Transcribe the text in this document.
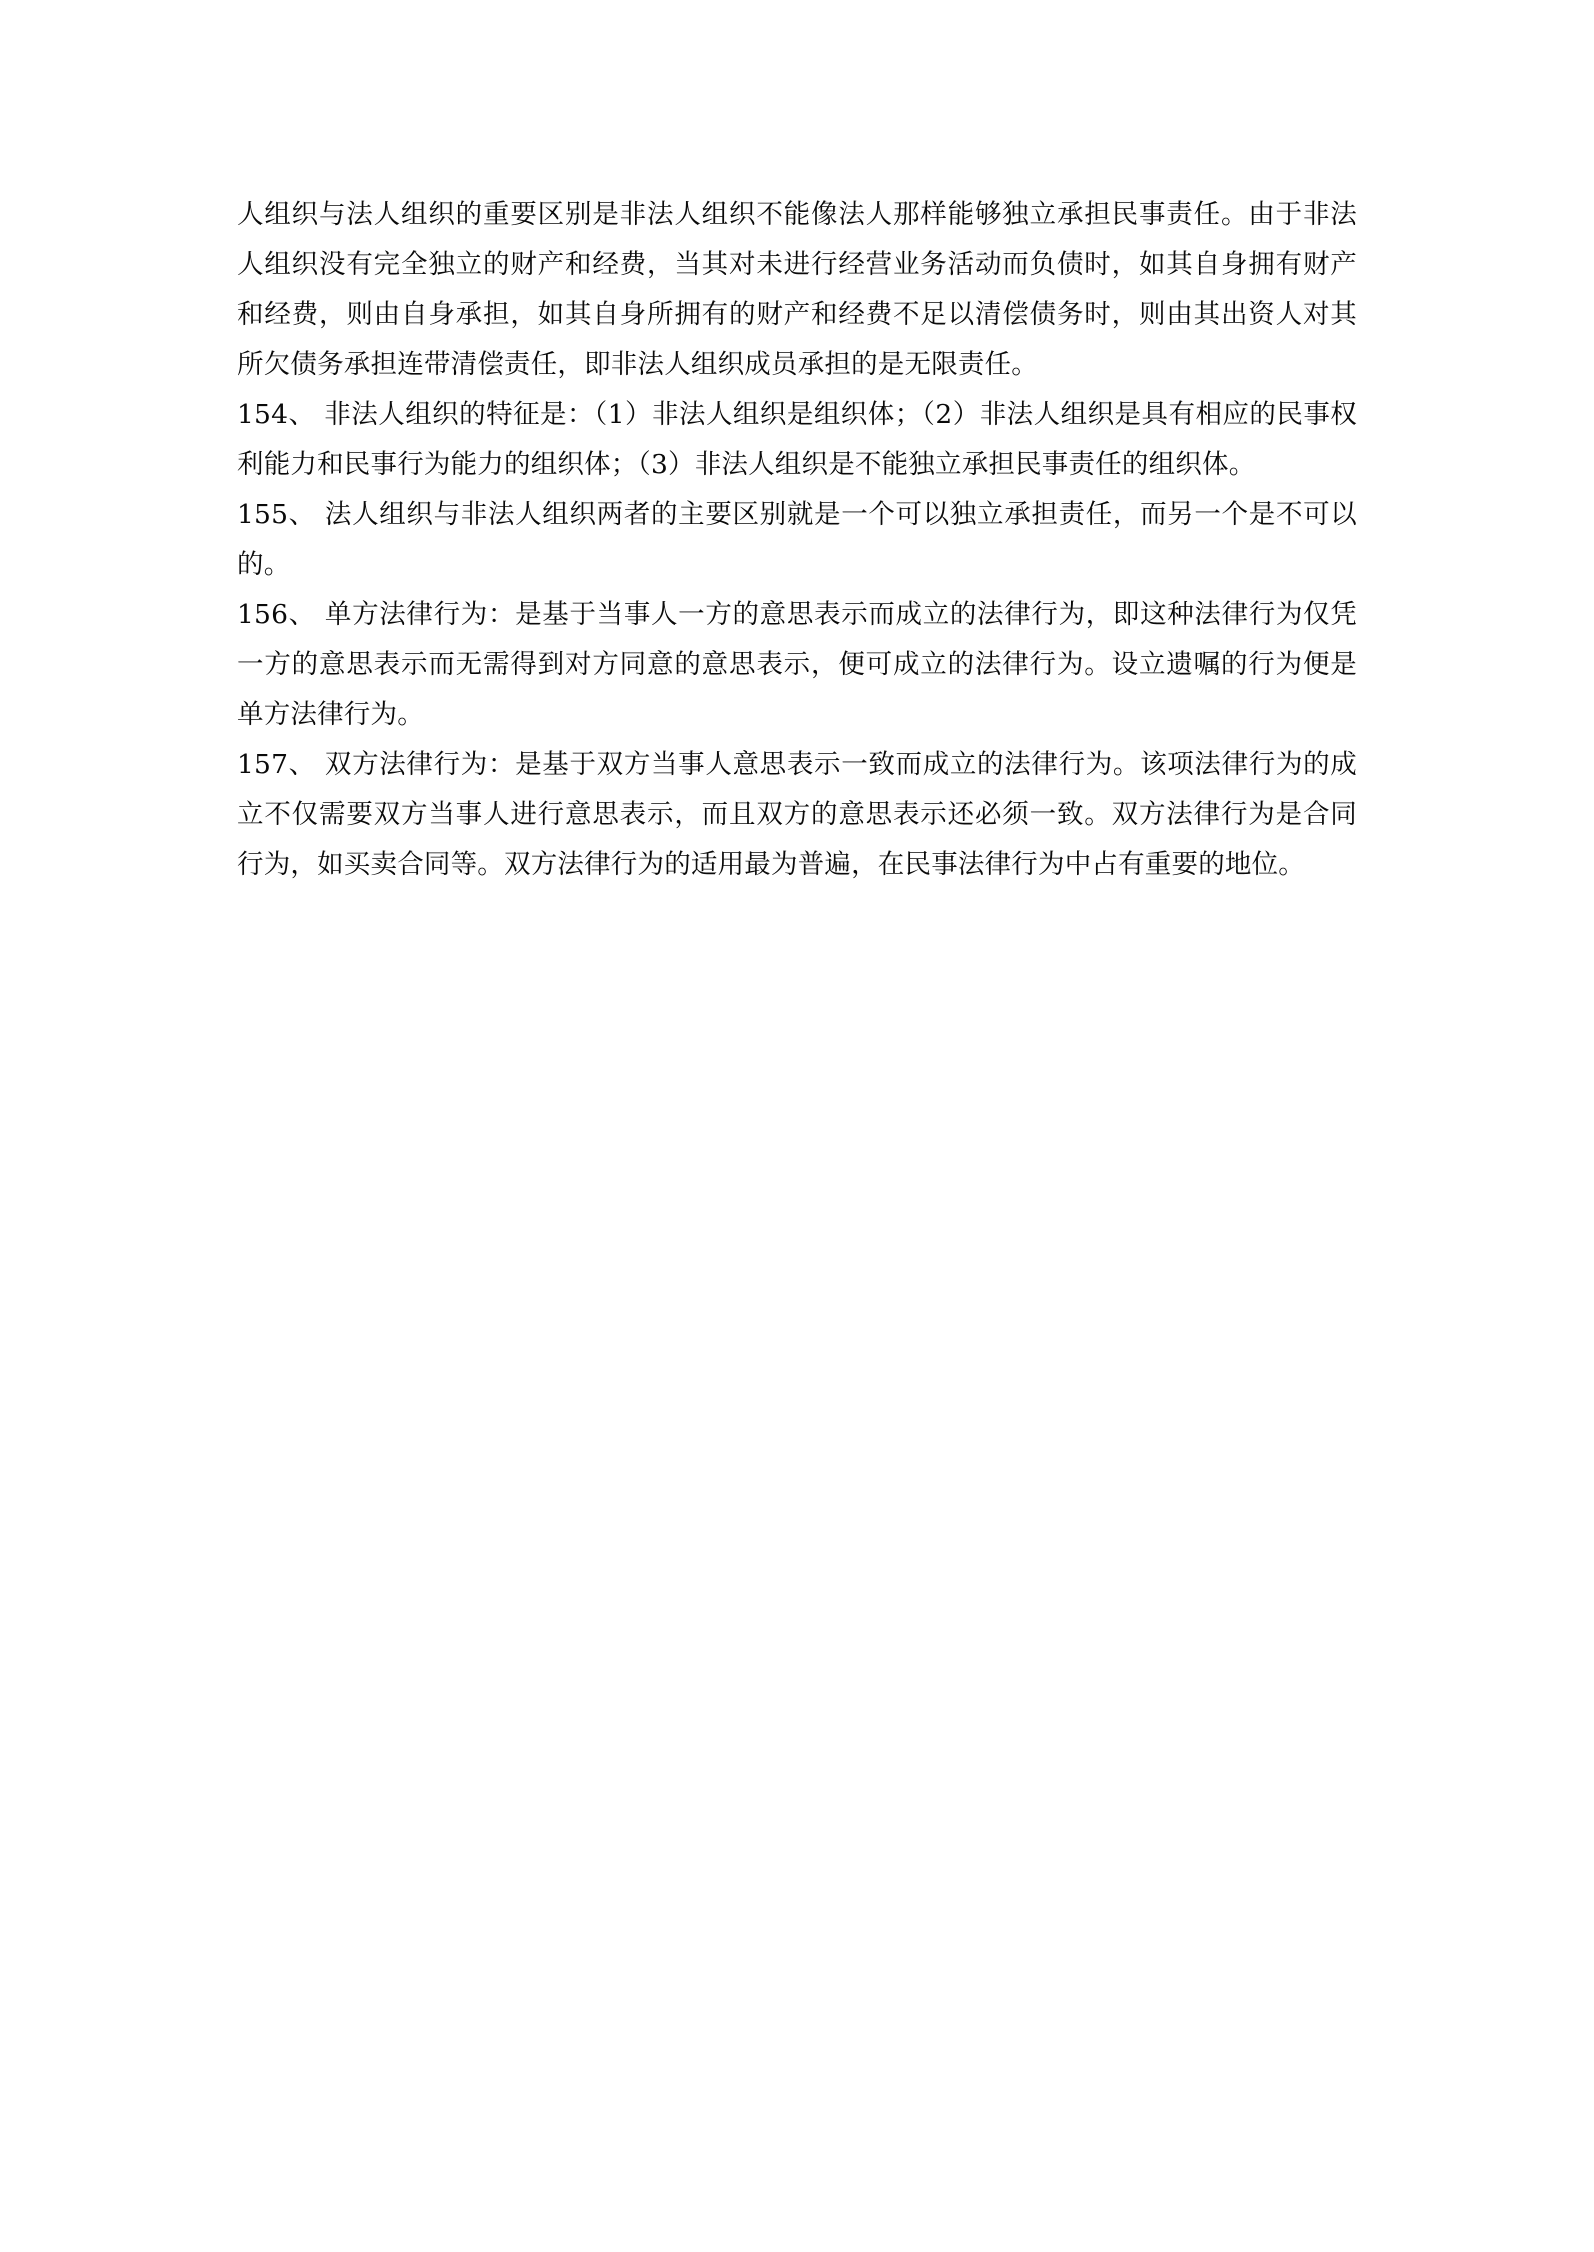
人组织与法人组织的重要区别是非法人组织不能像法人那样能够独立承担民事责任。由于非法人组织没有完全独立的财产和经费，当其对未进行经营业务活动而负债时，如其自身拥有财产和经费，则由自身承担，如其自身所拥有的财产和经费不足以清偿债务时，则由其出资人对其所欠债务承担连带清偿责任，即非法人组织成员承担的是无限责任。

154、 非法人组织的特征是：（1）非法人组织是组织体；（2）非法人组织是具有相应的民事权利能力和民事行为能力的组织体；（3）非法人组织是不能独立承担民事责任的组织体。

155、 法人组织与非法人组织两者的主要区别就是一个可以独立承担责任，而另一个是不可以的。

156、 单方法律行为：是基于当事人一方的意思表示而成立的法律行为，即这种法律行为仅凭一方的意思表示而无需得到对方同意的意思表示，便可成立的法律行为。设立遗嘱的行为便是单方法律行为。

157、 双方法律行为：是基于双方当事人意思表示一致而成立的法律行为。该项法律行为的成立不仅需要双方当事人进行意思表示，而且双方的意思表示还必须一致。双方法律行为是合同行为，如买卖合同等。双方法律行为的适用最为普遍，在民事法律行为中占有重要的地位。
